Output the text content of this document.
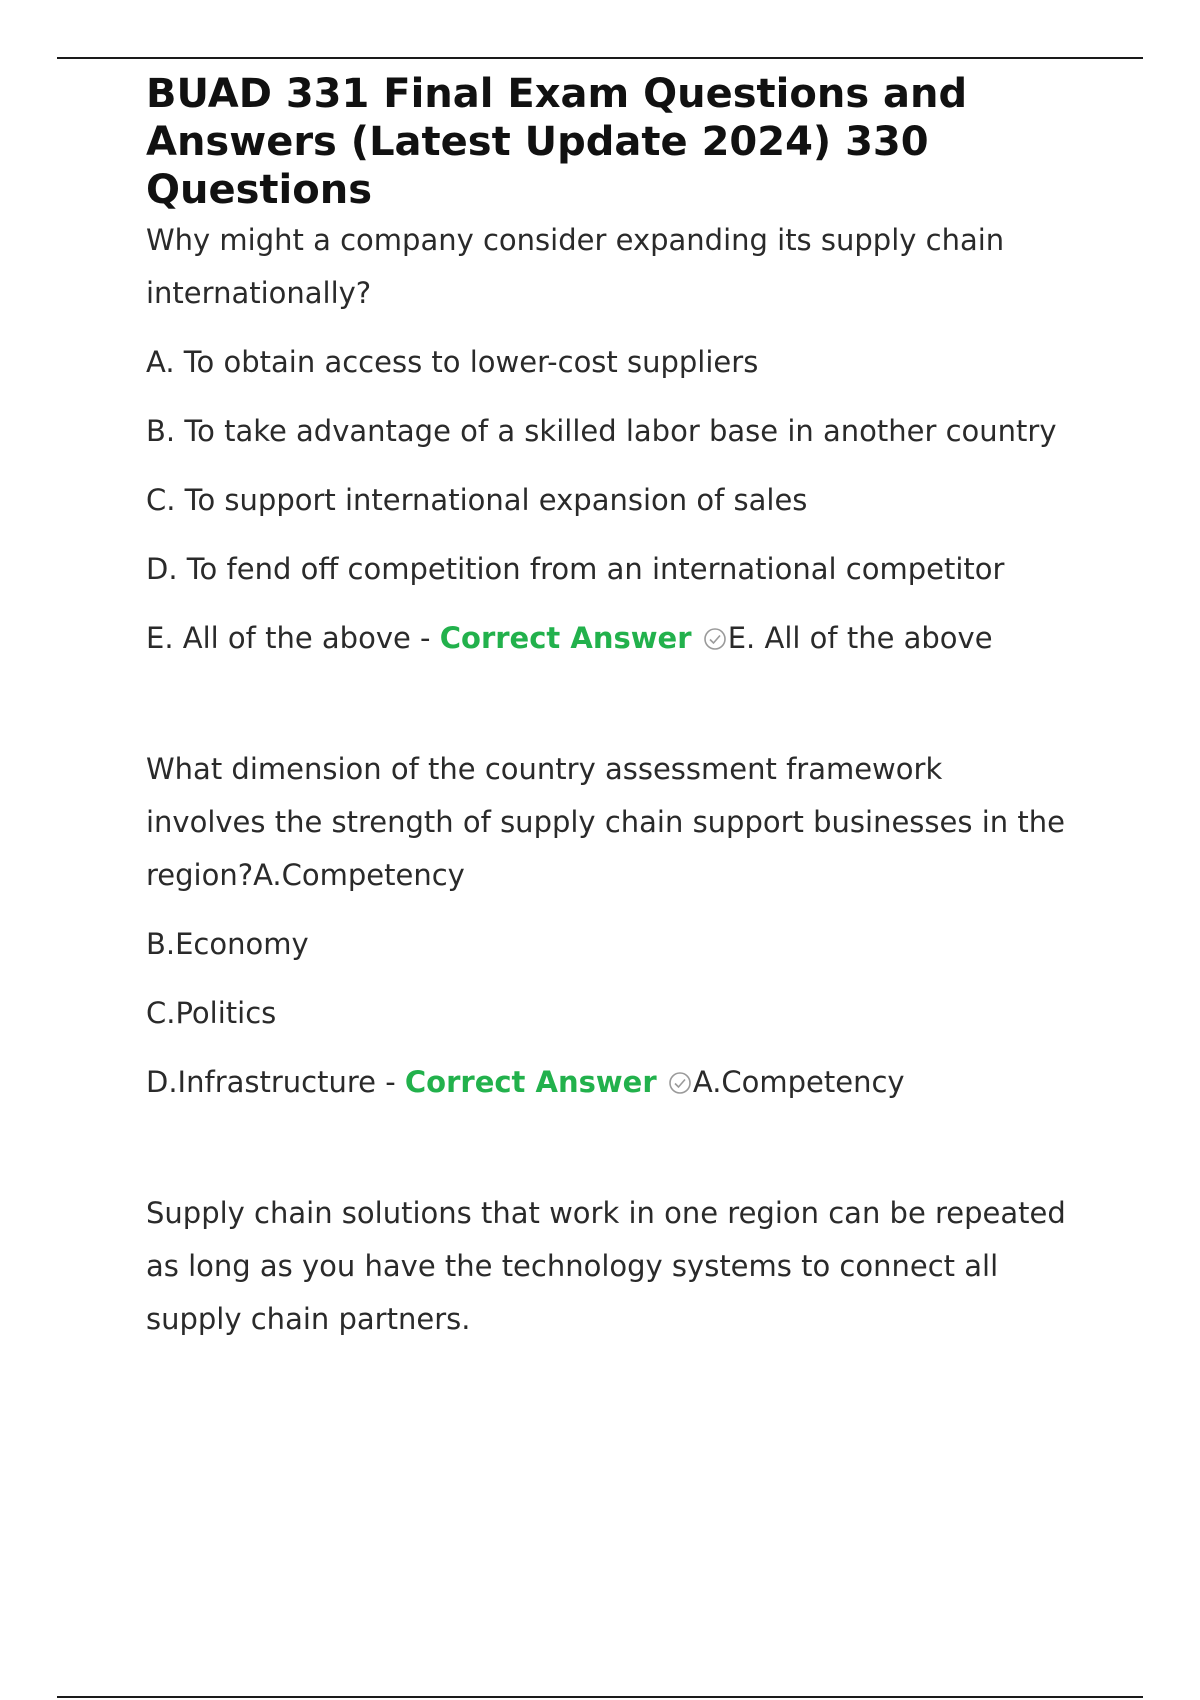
BUAD 331 Final Exam Questions and Answers (Latest Update 2024) 330 Questions

Why might a company consider expanding its supply chain internationally?

A. To obtain access to lower-cost suppliers

B. To take advantage of a skilled labor base in another country

C. To support international expansion of sales

D. To fend off competition from an international competitor

E. All of the above - Correct Answer E. All of the above

What dimension of the country assessment framework involves the strength of supply chain support businesses in the region?A.Competency

B.Economy

C.Politics

D.Infrastructure - Correct Answer A.Competency

Supply chain solutions that work in one region can be repeated as long as you have the technology systems to connect all supply chain partners.
